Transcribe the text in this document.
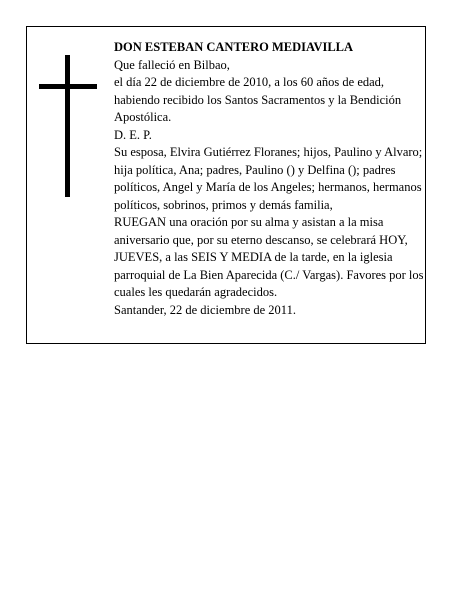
DON ESTEBAN CANTERO MEDIAVILLA

Que falleció en Bilbao,

el día 22 de diciembre de 2010, a los 60 años de edad, habiendo recibido los Santos Sacramentos y la Bendición Apostólica.

D. E. P.

Su esposa, Elvira Gutiérrez Floranes; hijos, Paulino y Alvaro; hija política, Ana; padres, Paulino () y Delfina (); padres políticos, Angel y María de los Angeles; hermanos, hermanos políticos, sobrinos, primos y demás familia,

RUEGAN una oración por su alma y asistan a la misa aniversario que, por su eterno descanso, se celebrará HOY, JUEVES, a las SEIS Y MEDIA de la tarde, en la iglesia parroquial de La Bien Aparecida (C./ Vargas). Favores por los cuales les quedarán agradecidos.

Santander, 22 de diciembre de 2011.
